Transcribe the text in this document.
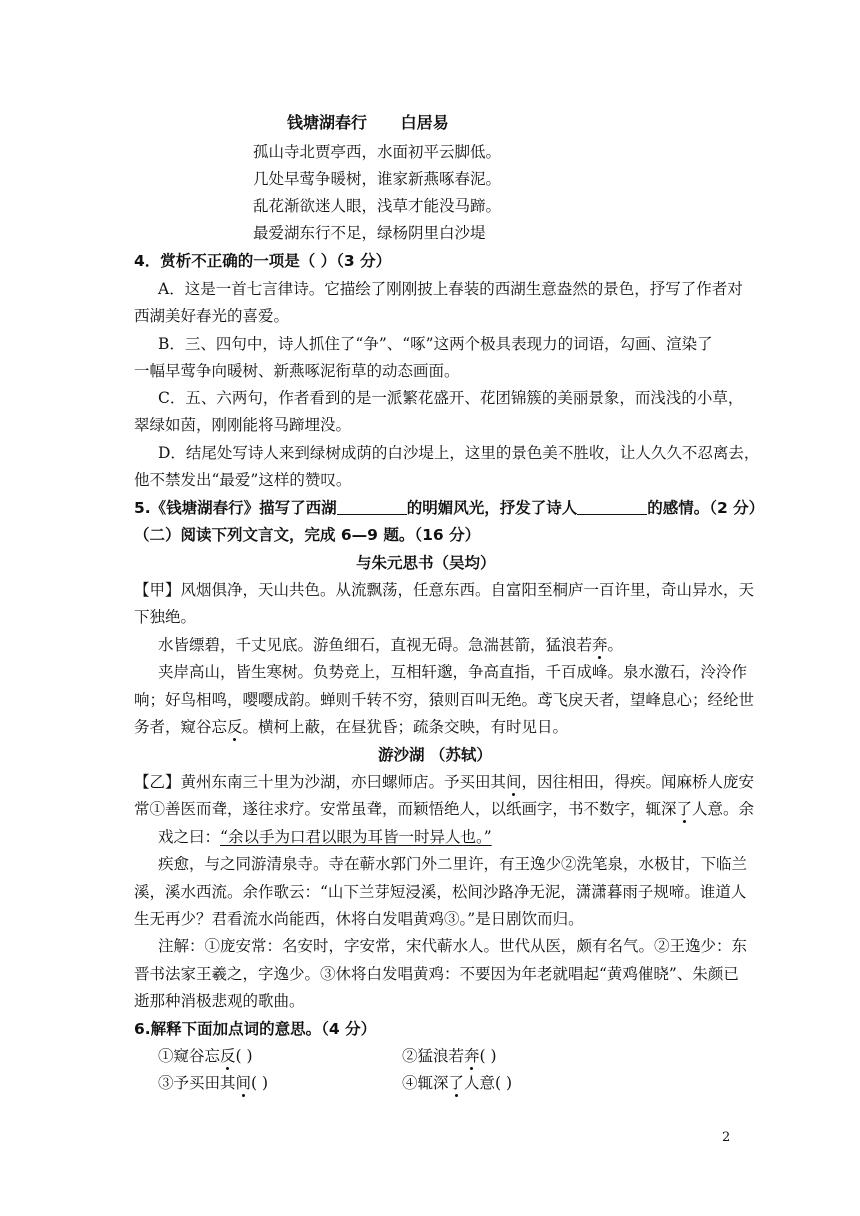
钱塘湖春行 白居易
孤山寺北贾亭西，水面初平云脚低。
几处早莺争暖树，谁家新燕啄春泥。
乱花渐欲迷人眼，浅草才能没马蹄。
最爱湖东行不足，绿杨阴里白沙堤
4．赏析不正确的一项是（ ）（3 分）
A．这是一首七言律诗。它描绘了刚刚披上春装的西湖生意盎然的景色，抒写了作者对
西湖美好春光的喜爱。
B．三、四句中，诗人抓住了“争”、“啄”这两个极具表现力的词语，勾画、渲染了
一幅早莺争向暖树、新燕啄泥衔草的动态画面。
C．五、六两句，作者看到的是一派繁花盛开、花团锦簇的美丽景象，而浅浅的小草，
翠绿如茵，刚刚能将马蹄埋没。
D．结尾处写诗人来到绿树成荫的白沙堤上，这里的景色美不胜收，让人久久不忍离去，
他不禁发出“最爱”这样的赞叹。
5.《钱塘湖春行》描写了西湖	的明媚风光，抒发了诗人	的感情。（2 分）
（二）阅读下列文言文，完成 6—9 题。（16 分）
与朱元思书（吴均）
【甲】风烟俱净，天山共色。从流飘荡，任意东西。自富阳至桐庐一百许里，奇山异水，天
下独绝。
水皆缥碧，千丈见底。游鱼细石，直视无碍。急湍甚箭，猛浪若奔。
夹岸高山，皆生寒树。负势竞上，互相轩邈，争高直指，千百成峰。泉水激石，泠泠作
响；好鸟相鸣，嘤嘤成韵。蝉则千转不穷，猿则百叫无绝。鸢飞戾天者，望峰息心；经纶世
务者，窥谷忘反。横柯上蔽，在昼犹昏；疏条交映，有时见日。
游沙湖 （苏轼）
【乙】黄州东南三十里为沙湖，亦曰螺师店。予买田其间，因往相田，得疾。闻麻桥人庞安
常①善医而聋，遂往求疗。安常虽聋，而颖悟绝人，以纸画字，书不数字，辄深了人意。余
戏之曰：“余以手为口君以眼为耳皆一时异人也。”
疾愈，与之同游清泉寺。寺在蕲水郭门外二里许，有王逸少②洗笔泉，水极甘，下临兰
溪，溪水西流。余作歌云：“山下兰芽短浸溪，松间沙路净无泥，潇潇暮雨子规啼。谁道人
生无再少？君看流水尚能西，休将白发唱黄鸡③。”是日剧饮而归。
注解：①庞安常：名安时，字安常，宋代蕲水人。世代从医，颇有名气。②王逸少：东
晋书法家王羲之，字逸少。③休将白发唱黄鸡：不要因为年老就唱起“黄鸡催晓”、朱颜已
逝那种消极悲观的歌曲。
6.解释下面加点词的意思。（4 分）
①窥谷忘反( )	②猛浪若奔( )
③予买田其间( )	④辄深了人意( )
2
